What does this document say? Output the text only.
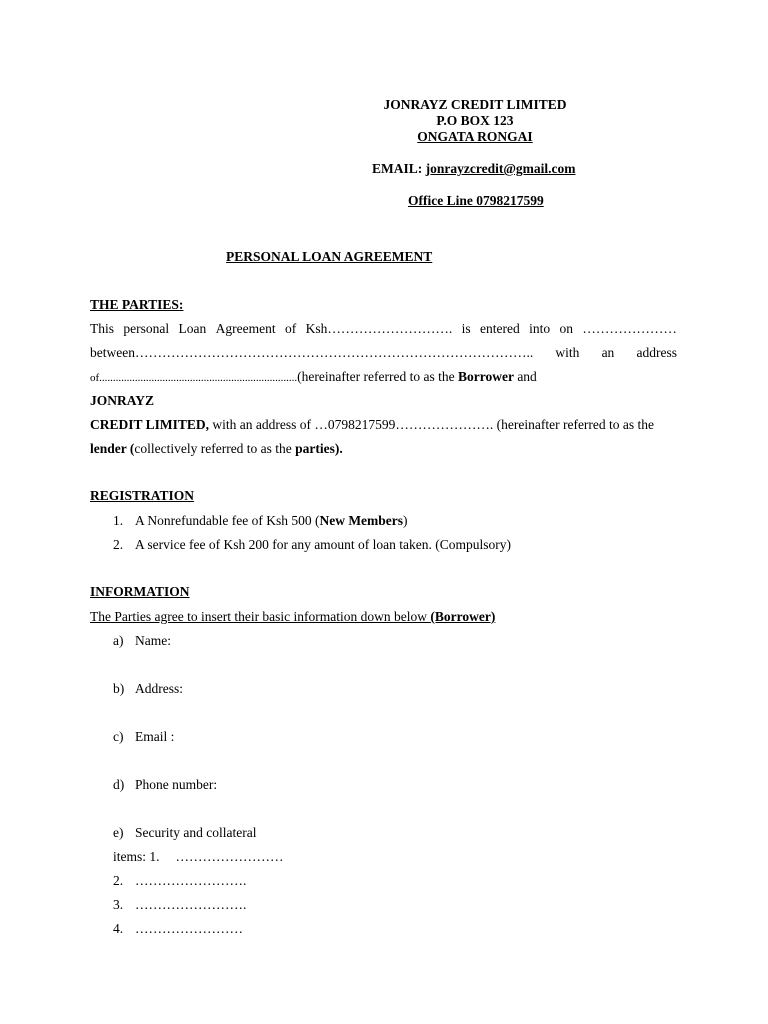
JONRAYZ CREDIT LIMITED
P.O BOX 123
ONGATA RONGAI
EMAIL: jonrayzcredit@gmail.com
Office Line 0798217599
PERSONAL LOAN AGREEMENT
THE PARTIES:
This personal Loan Agreement of Ksh………………………. is entered into on …………………
between…………………………………………………………………………….. with an address
of........................................................................(hereinafter referred to as the Borrower and
JONRAYZ
CREDIT LIMITED, with an address of …0798217599…………………. (hereinafter referred to as the
lender (collectively referred to as the parties).
REGISTRATION
1. A Nonrefundable fee of Ksh 500 (New Members)
2. A service fee of Ksh 200 for any amount of loan taken. (Compulsory)
INFORMATION
The Parties agree to insert their basic information down below (Borrower)
a) Name:
b) Address:
c) Email :
d) Phone number:
e) Security and collateral
items: 1. ……………………
2. …………………….
3. …………………….
4. ……………………
